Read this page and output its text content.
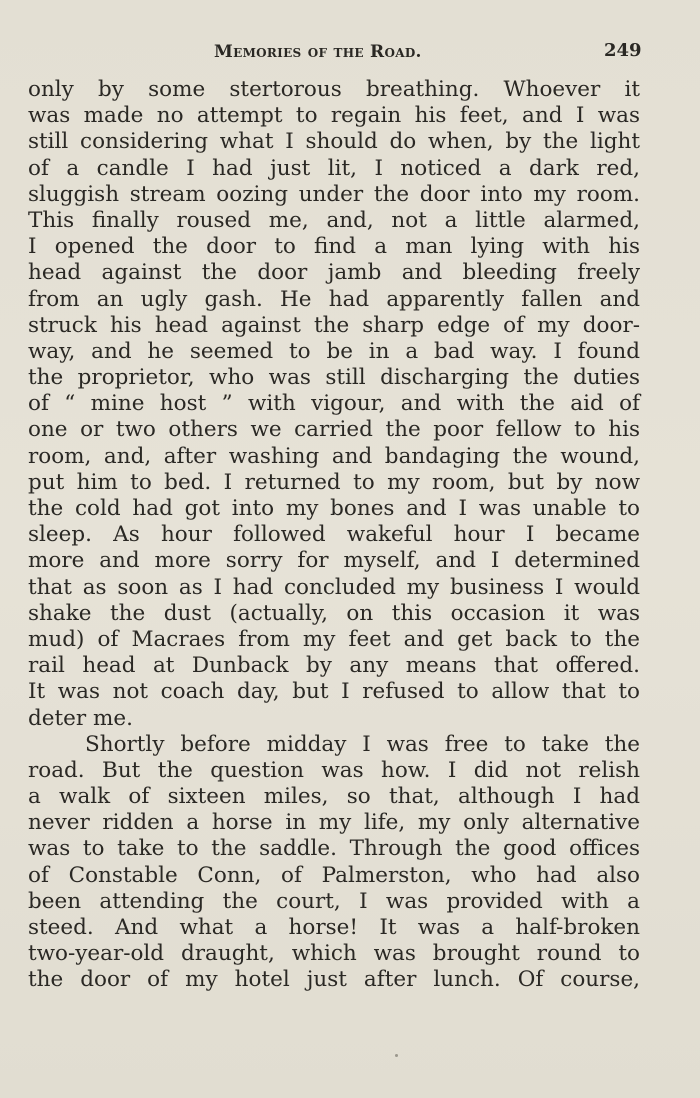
Memories of the Road.	249
only by some stertorous breathing. Whoever it
was made no attempt to regain his feet, and I was
still considering what I should do when, by the light
of a candle I had just lit, I noticed a dark red,
sluggish stream oozing under the door into my room.
This finally roused me, and, not a little alarmed,
I opened the door to find a man lying with his
head against the door jamb and bleeding freely
from an ugly gash. He had apparently fallen and
struck his head against the sharp edge of my door-
way, and he seemed to be in a bad way. I found
the proprietor, who was still discharging the duties
of “ mine host ” with vigour, and with the aid of
one or two others we carried the poor fellow to his
room, and, after washing and bandaging the wound,
put him to bed. I returned to my room, but by now
the cold had got into my bones and I was unable to
sleep. As hour followed wakeful hour I became
more and more sorry for myself, and I determined
that as soon as I had concluded my business I would
shake the dust (actually, on this occasion it was
mud) of Macraes from my feet and get back to the
rail head at Dunback by any means that offered.
It was not coach day, but I refused to allow that to
deter me.
Shortly before midday I was free to take the
road. But the question was how. I did not relish
a walk of sixteen miles, so that, although I had
never ridden a horse in my life, my only alternative
was to take to the saddle. Through the good offices
of Constable Conn, of Palmerston, who had also
been attending the court, I was provided with a
steed. And what a horse! It was a half-broken
two-year-old draught, which was brought round to
the door of my hotel just after lunch. Of course,
